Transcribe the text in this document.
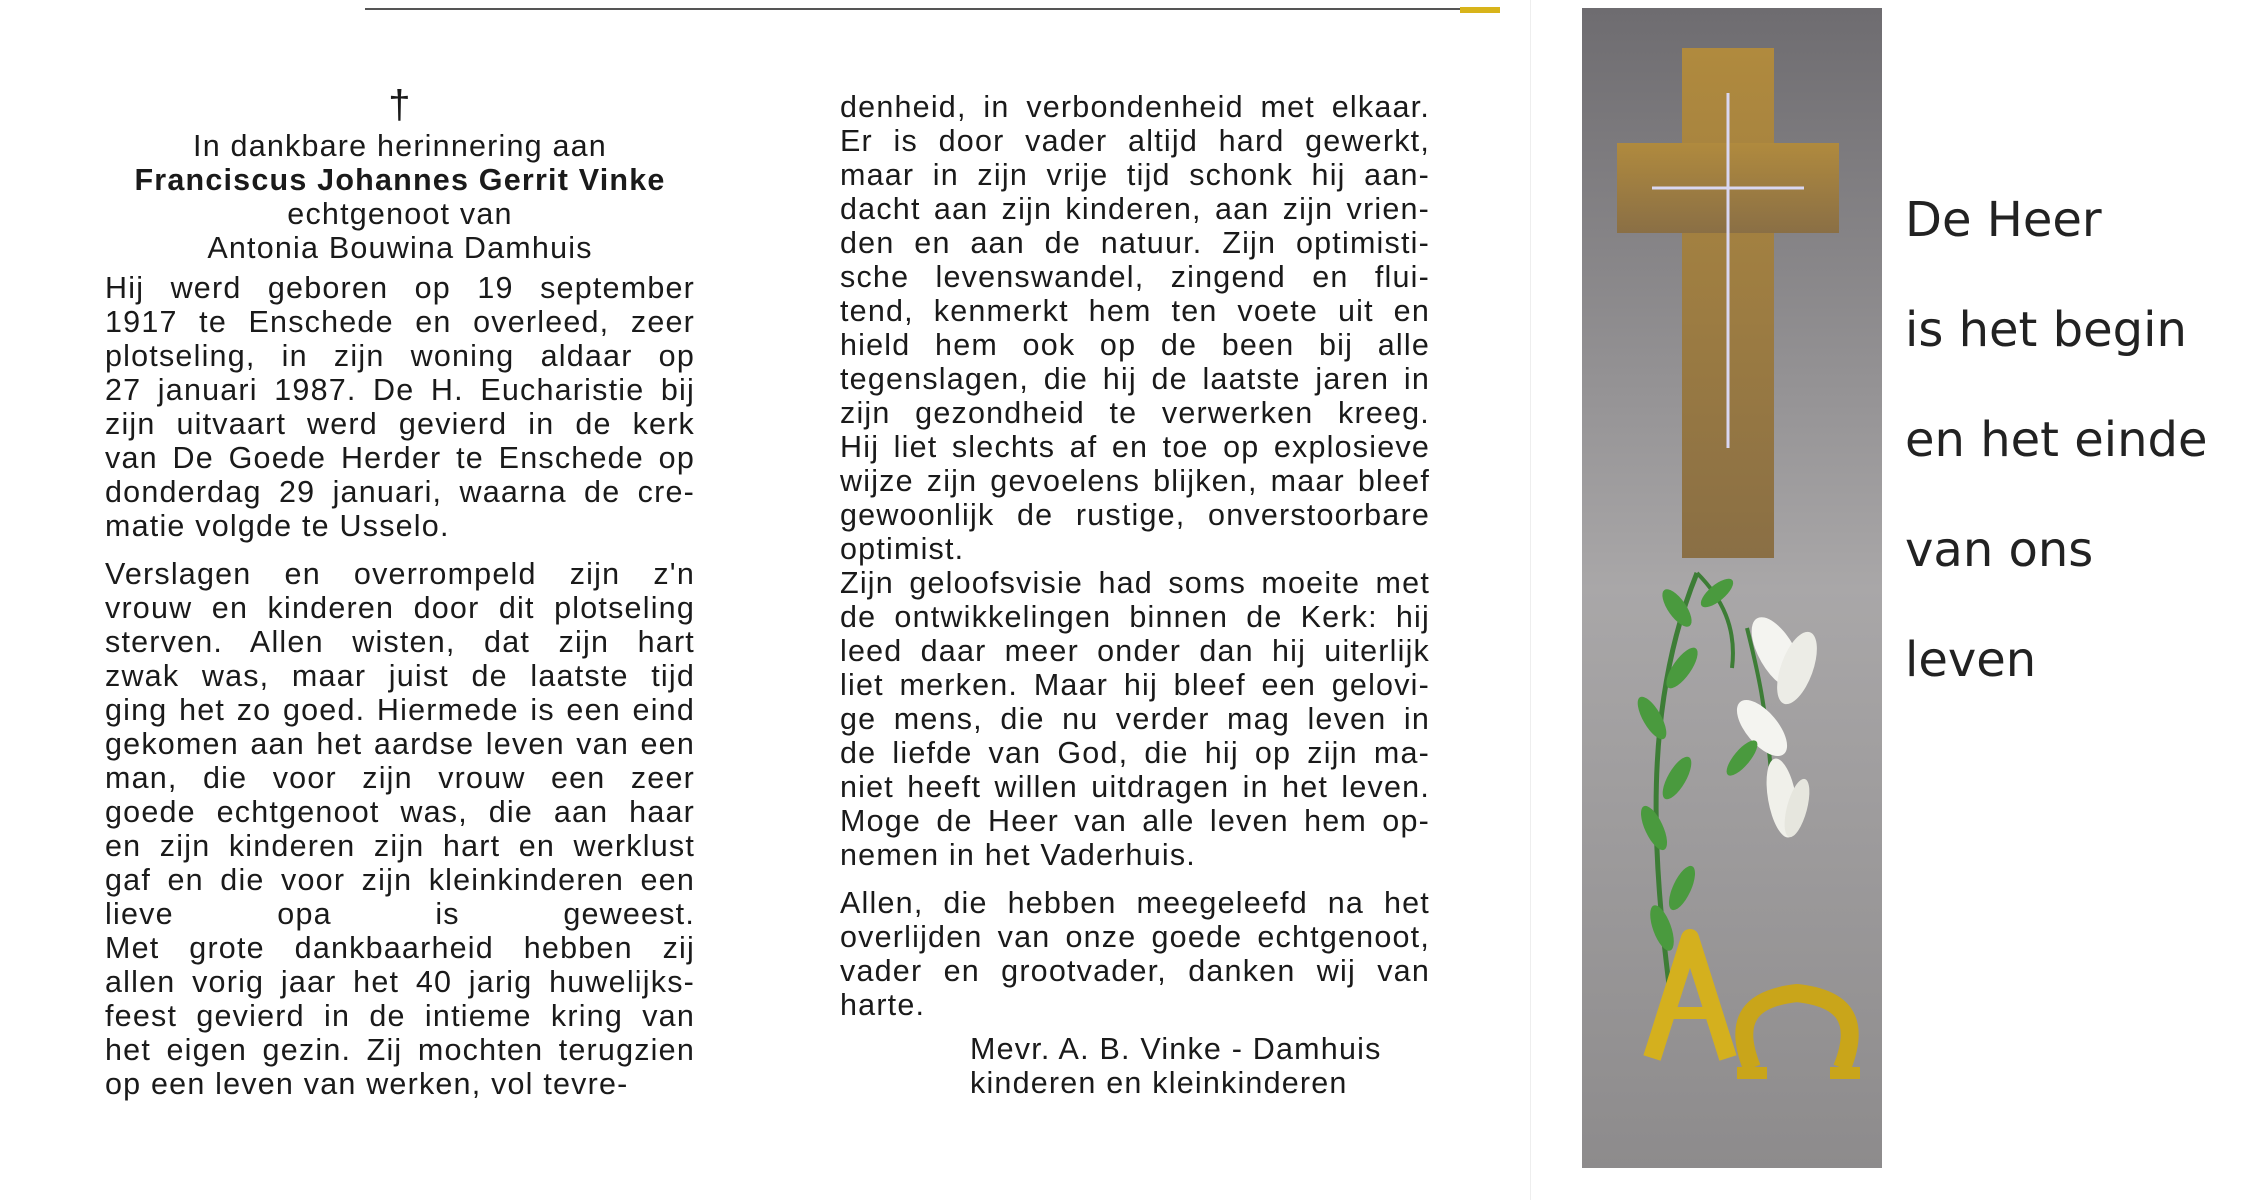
†
In dankbare herinnering aan
Franciscus Johannes Gerrit Vinke
echtgenoot van
Antonia Bouwina Damhuis
Hij werd geboren op 19 september
1917 te Enschede en overleed, zeer
plotseling, in zijn woning aldaar op
27 januari 1987. De H. Eucharistie bij
zijn uitvaart werd gevierd in de kerk
van De Goede Herder te Enschede op
donderdag 29 januari, waarna de cre-
matie volgde te Usselo.
Verslagen en overrompeld zijn z'n
vrouw en kinderen door dit plotseling
sterven. Allen wisten, dat zijn hart
zwak was, maar juist de laatste tijd
ging het zo goed. Hiermede is een eind
gekomen aan het aardse leven van een
man, die voor zijn vrouw een zeer
goede echtgenoot was, die aan haar
en zijn kinderen zijn hart en werklust
gaf en die voor zijn kleinkinderen een
lieve opa is geweest.
Met grote dankbaarheid hebben zij
allen vorig jaar het 40 jarig huwelijks-
feest gevierd in de intieme kring van
het eigen gezin. Zij mochten terugzien
op een leven van werken, vol tevre-
denheid, in verbondenheid met elkaar.
Er is door vader altijd hard gewerkt,
maar in zijn vrije tijd schonk hij aan-
dacht aan zijn kinderen, aan zijn vrien-
den en aan de natuur. Zijn optimisti-
sche levenswandel, zingend en flui-
tend, kenmerkt hem ten voete uit en
hield hem ook op de been bij alle
tegenslagen, die hij de laatste jaren in
zijn gezondheid te verwerken kreeg.
Hij liet slechts af en toe op explosieve
wijze zijn gevoelens blijken, maar bleef
gewoonlijk de rustige, onverstoorbare
optimist.
Zijn geloofsvisie had soms moeite met
de ontwikkelingen binnen de Kerk: hij
leed daar meer onder dan hij uiterlijk
liet merken. Maar hij bleef een gelovi-
ge mens, die nu verder mag leven in
de liefde van God, die hij op zijn ma-
niet heeft willen uitdragen in het leven.
Moge de Heer van alle leven hem op-
nemen in het Vaderhuis.
Allen, die hebben meegeleefd na het
overlijden van onze goede echtgenoot,
vader en grootvader, danken wij van
harte.
Mevr. A. B. Vinke - Damhuis
kinderen en kleinkinderen
De Heer
is het begin
en het einde
van ons
leven
